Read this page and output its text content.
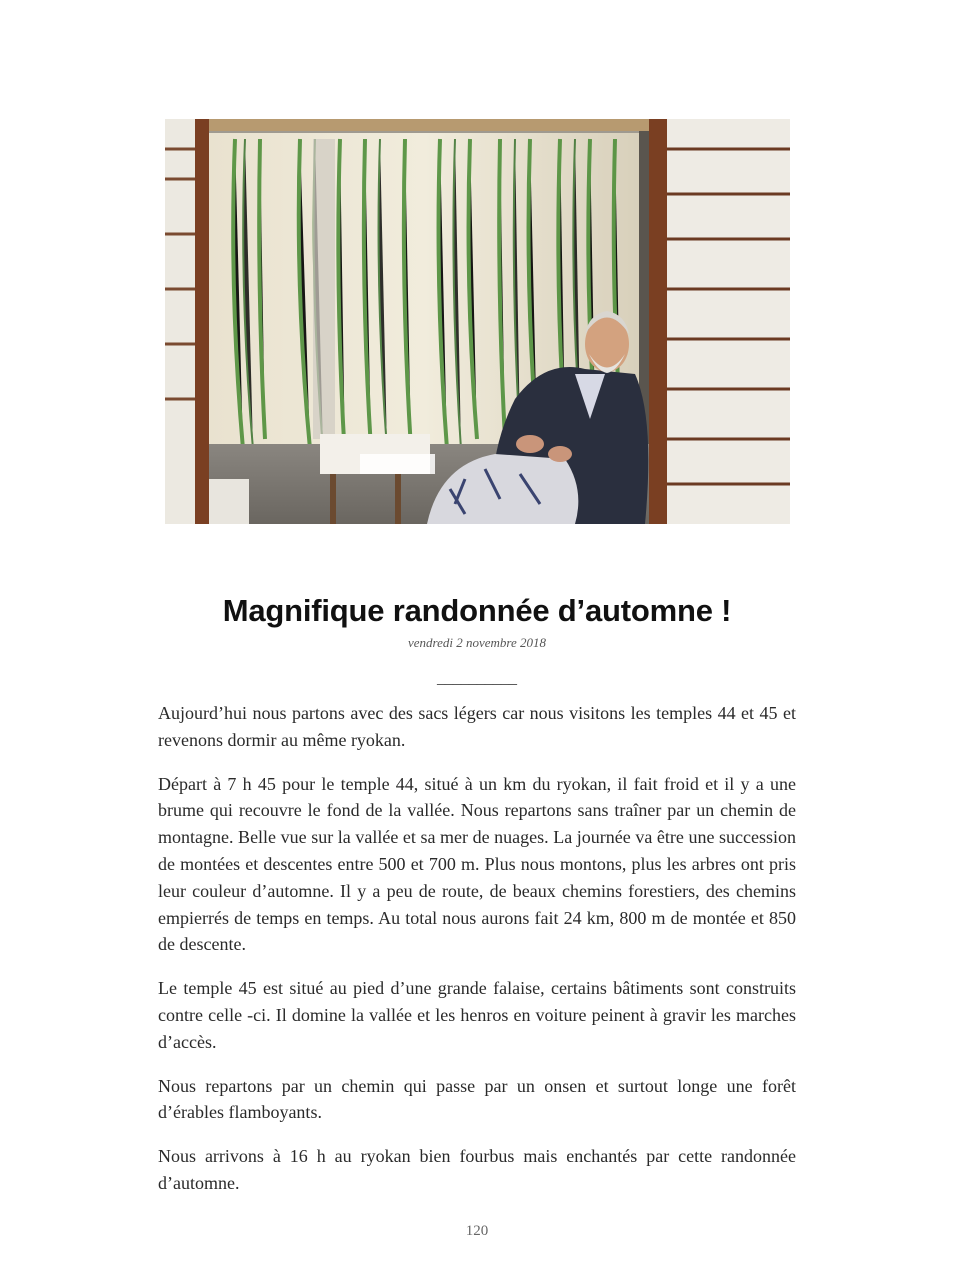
Magnifique randonnée d’automne !
vendredi 2 novembre 2018
__________

Aujourd’hui nous partons avec des sacs légers car nous visitons les temples 44 et 45 et revenons dormir au même ryokan.

Départ à 7 h 45 pour le temple 44, situé à un km du ryokan, il fait froid et il y a une brume qui recouvre le fond de la vallée. Nous repartons sans traîner par un chemin de montagne. Belle vue sur la vallée et sa mer de nuages. La journée va être une succession de montées et descentes entre 500 et 700 m. Plus nous montons, plus les arbres ont pris leur couleur d’automne. Il y a peu de route, de beaux chemins forestiers, des chemins empierrés de temps en temps. Au total nous aurons fait 24 km, 800 m de montée et 850 de descente.

Le temple 45 est situé au pied d’une grande falaise, certains bâtiments sont construits contre celle -ci. Il domine la vallée et les henros en voiture peinent à gravir les marches d’accès.

Nous repartons par un chemin qui passe par un onsen et surtout longe une forêt d’érables flamboyants.

Nous arrivons à 16 h au ryokan bien fourbus mais enchantés par cette randonnée d’automne.

120
